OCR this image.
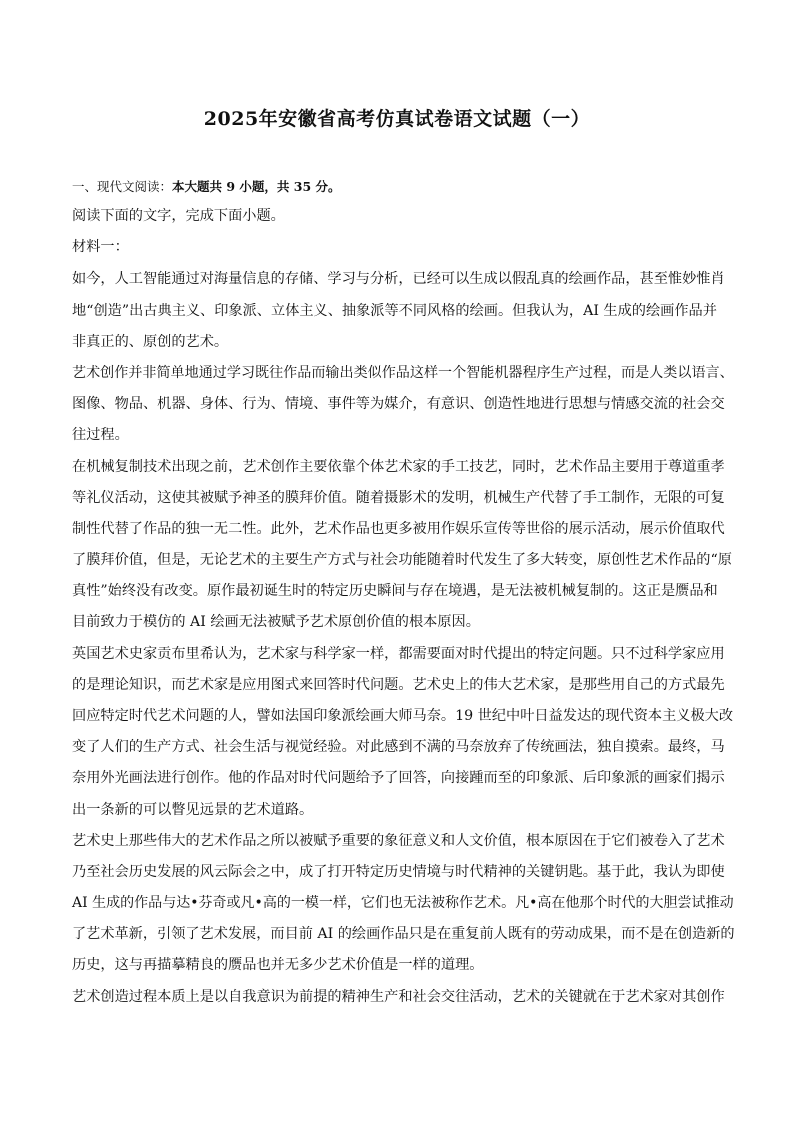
2025年安徽省高考仿真试卷语文试题（一）
一、现代文阅读：本大题共 9 小题，共 35 分。
阅读下面的文字，完成下面小题。
材料一：
如今，人工智能通过对海量信息的存储、学习与分析，已经可以生成以假乱真的绘画作品，甚至惟妙惟肖
地“创造”出古典主义、印象派、立体主义、抽象派等不同风格的绘画。但我认为，AI 生成的绘画作品并
非真正的、原创的艺术。
艺术创作并非简单地通过学习既往作品而输出类似作品这样一个智能机器程序生产过程，而是人类以语言、
图像、物品、机器、身体、行为、情境、事件等为媒介，有意识、创造性地进行思想与情感交流的社会交
往过程。
在机械复制技术出现之前，艺术创作主要依靠个体艺术家的手工技艺，同时，艺术作品主要用于尊道重孝
等礼仪活动，这使其被赋予神圣的膜拜价值。随着摄影术的发明，机械生产代替了手工制作，无限的可复
制性代替了作品的独一无二性。此外，艺术作品也更多被用作娱乐宣传等世俗的展示活动，展示价值取代
了膜拜价值，但是，无论艺术的主要生产方式与社会功能随着时代发生了多大转变，原创性艺术作品的“原
真性”始终没有改变。原作最初诞生时的特定历史瞬间与存在境遇，是无法被机械复制的。这正是赝品和
目前致力于模仿的 AI 绘画无法被赋予艺术原创价值的根本原因。
英国艺术史家贡布里希认为，艺术家与科学家一样，都需要面对时代提出的特定问题。只不过科学家应用
的是理论知识，而艺术家是应用图式来回答时代问题。艺术史上的伟大艺术家，是那些用自己的方式最先
回应特定时代艺术问题的人，譬如法国印象派绘画大师马奈。19 世纪中叶日益发达的现代资本主义极大改
变了人们的生产方式、社会生活与视觉经验。对此感到不满的马奈放弃了传统画法，独自摸索。最终，马
奈用外光画法进行创作。他的作品对时代问题给予了回答，向接踵而至的印象派、后印象派的画家们揭示
出一条新的可以瞥见远景的艺术道路。
艺术史上那些伟大的艺术作品之所以被赋予重要的象征意义和人文价值，根本原因在于它们被卷入了艺术
乃至社会历史发展的风云际会之中，成了打开特定历史情境与时代精神的关键钥匙。基于此，我认为即使
AI 生成的作品与达•芬奇或凡•高的一模一样，它们也无法被称作艺术。凡•高在他那个时代的大胆尝试推动
了艺术革新，引领了艺术发展，而目前 AI 的绘画作品只是在重复前人既有的劳动成果，而不是在创造新的
历史，这与再描摹精良的赝品也并无多少艺术价值是一样的道理。
艺术创造过程本质上是以自我意识为前提的精神生产和社会交往活动，艺术的关键就在于艺术家对其创作
